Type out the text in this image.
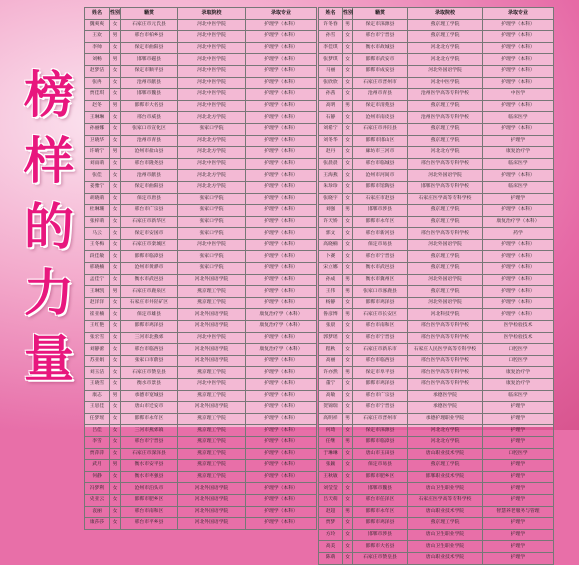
榜
样
的
力
量
姓名	性别	籍贯	录取院校	录取专业
魏爽爽	女	石家庄市元氏县	河北中医学院	护理学（本科）
王欢	男	邢台市柏乡县	河北中医学院	护理学（本科）
李帅	女	保定市曲阳县	河北中医学院	护理学（本科）
刘畅	男	邯郸市磁县	河北中医学院	护理学（本科）
赵梦洁	女	保定市顺平县	河北中医学院	护理学（本科）
张冉	女	沧州市献县	河北中医学院	护理学（本科）
贾佳琪	女	邯郸市魏县	河北中医学院	护理学（本科）
赵冬	男	邯郸市大名县	河北中医学院	护理学（本科）
王琳琳	女	邢台市威县	河北北方学院	护理学（本科）
孙丽娜	女	张家口市宣化区	张家口学院	护理学（本科）
卫晓华	女	沧州市青县	河北北方学院	护理学（本科）
许晴宁	男	沧州市盐山县	河北北方学院	护理学（本科）
刘雨萌	女	邢台市隆尧县	河北中医学院	护理学（本科）
张佳	女	沧州市献县	河北北方学院	护理学（本科）
姜雅宁	女	保定市曲阳县	河北北方学院	护理学（本科）
胡晓萌	女	保定市唐县	张家口学院	护理学（本科）
杜琳珊	女	邢台市广宗县	张家口学院	护理学（本科）
张梓萌	女	石家庄市新华区	张家口学院	护理学（本科）
马云	女	保定市安国市	张家口学院	护理学（本科）
王冬梅	女	石家庄市栾城区	河北中医学院	护理学（本科）
段佳敏	女	邯郸市临漳县	张家口学院	护理学（本科）
邢晓楠	女	沧州市黄骅市	张家口学院	护理学（本科）
孟佳宁	女	衡水市武邑县	河北外国语学院	护理学（本科）
王琳凯	男	石家庄市鹿泉区	燕京理工学院	护理学（本科）
赵洋洋	女	石家庄市井陉矿区	燕京理工学院	护理学（本科）
崔亚楠	女	保定市雄县	河北外国语学院	康复治疗学（本科）
王红艳	女	邯郸市鸡泽县	河北外国语学院	康复治疗学（本科）
张宏雪	女	三河市北燕郊	河北中医学院	护理学（本科）
刘静蕾	女	邢台市临西县	河北外国语学院	康复治疗学（本科）
苏亚娟	女	张家口市蔚县	河北外国语学院	护理学（本科）
刘玉洁	女	石家庄市赞皇县	燕京理工学院	护理学（本科）
王晓雪	女	衡水市景县	河北中医学院	护理学（本科）
康志	男	承德市宽城县	燕京理工学院	护理学（本科）
王思佳	女	唐山市迁安市	河北外国语学院	护理学（本科）
任梦瑶	女	邯郸市永年区	燕京理工学院	护理学（本科）
吕佳	女	三河市燕郊镇	燕京理工学院	护理学（本科）
李雪	女	邢台市宁晋县	燕京理工学院	护理学（本科）
贾萍萍	女	石家庄市深泽县	燕京理工学院	护理学（本科）
武月	男	衡水市安平县	燕京理工学院	护理学（本科）
何静	女	衡水市枣强县	燕京理工学院	护理学（本科）
冯梦利	女	沧州市泊头市	河北外国语学院	护理学（本科）
史亚云	女	邯郸市肥乡区	河北外国语学院	护理学（本科）
袁丽	女	邢台市南和区	河北外国语学院	护理学（本科）
康莎莎	女	邢台市平乡县	河北外国语学院	护理学（本科）
姓名	性别	籍贯	录取院校	录取专业
许冬春	男	保定市涞源县	燕京理工学院	护理学（本科）
孙雪	女	邢台市宁晋县	燕京理工学院	护理学（本科）
李佳琪	女	衡水市故城县	河北北方学院	护理学（本科）
张梦琪	女	邯郸市武安市	河北北方学院	护理学（本科）
马丽	女	邯郸市成安县	河北外国语学院	护理学（本科）
张欣欣	女	石家庄市晋州市	河北中医学院	护理学（本科）
孙茜	女	沧州市青县	沧州医学高等专科学校	中医学
高明	男	保定市清苑县	燕京理工学院	护理学（本科）
石静	女	沧州市南皮县	沧州医学高等专科学校	临床医学
刘希宁	女	石家庄市井陉县	燕京理工学院	护理学（本科）
刘冬华	女	邯郸市邯山区	燕京理工学院	护理学
赵丹	女	廊坊市三河市	河北北方学院	康复治疗学
张晨晨	女	邢台市临城县	邢台医学高等专科学校	临床医学
王海燕	女	沧州市河间市	河北外国语学院	护理学（本科）
朱珍珍	女	邯郸市馆陶县	邯郸医学高等专科学校	临床医学
张晓宇	女	石家庄市赵县	石家庄医学高等专科学校	护理学
刘强	男	邯郸市涉县	燕京理工学院	护理学（本科）
许天娇	女	邯郸市永年区	燕京理工学院	康复治疗学（本科）
郭文	女	邢台市新河县	邢台医学高等专科学校	药学
高晓楠	女	保定市易县	河北外国语学院	护理学（本科）
卜赛	女	邢台市宁晋县	燕京理工学院	护理学（本科）
宋立娜	女	衡水市武邑县	燕京理工学院	护理学（本科）
孙成	男	衡水市冀州区	河北外国语学院	护理学（本科）
王伟	男	张家口市涿鹿县	燕京理工学院	护理学（本科）
杨静	女	邯郸市鸡泽县	河北外国语学院	护理学（本科）
鲁彦博	男	石家庄市长安区	河北科技学院	护理学（本科）
张晨	女	邢台市南和区	邢台医学高等专科学校	医学检验技术
郭梦瑶	女	邢台市宁晋县	邢台医学高等专科学校	医学检验技术
程秋	女	石家庄市新乐市	石家庄人民医学高等专科学校	口腔医学
高丽	女	邢台市临西县	邢台医学高等专科学校	口腔医学
许亦然	男	保定市阜平县	邢台医学高等专科学校	康复治疗学
董宁	女	邯郸市鸡泽县	邢台医学高等专科学校	康复治疗学
高敏	女	邢台市广宗县	承德医学院	临床医学
贺锦瑞	女	邢台市宁晋县	承德医学院	护理学
高明祥	男	石家庄市晋州市	承德护理职业学院	护理学
何琦	女	保定市涞源县	河北北方学院	护理学
任继	男	邯郸市临漳县	河北北方学院	护理学
于琳琳	女	唐山市玉田县	唐山职业技术学院	口腔医学
张颖	女	保定市易县	燕京理工学院	护理学
王秋敏	女	邯郸市肥乡区	邯郸职业技术学院	护理学
刘莹莹	女	邯郸市魏县	唐山卫生职业学院	护理学
吕天萌	女	邢台市任泽区	石家庄医学高等专科学校	护理学
赵超	男	邯郸市永年区	唐山职业技术学院	智慧养老服务与管理
贾梦	女	邯郸市鸡泽县	燕京理工学院	护理学
方玲	女	邯郸市涉县	唐山卫生职业学院	护理学
高美	女	邯郸市大名县	唐山卫生职业学院	护理学
陈萌	女	石家庄市赞皇县	唐山职业技术学院	护理学
